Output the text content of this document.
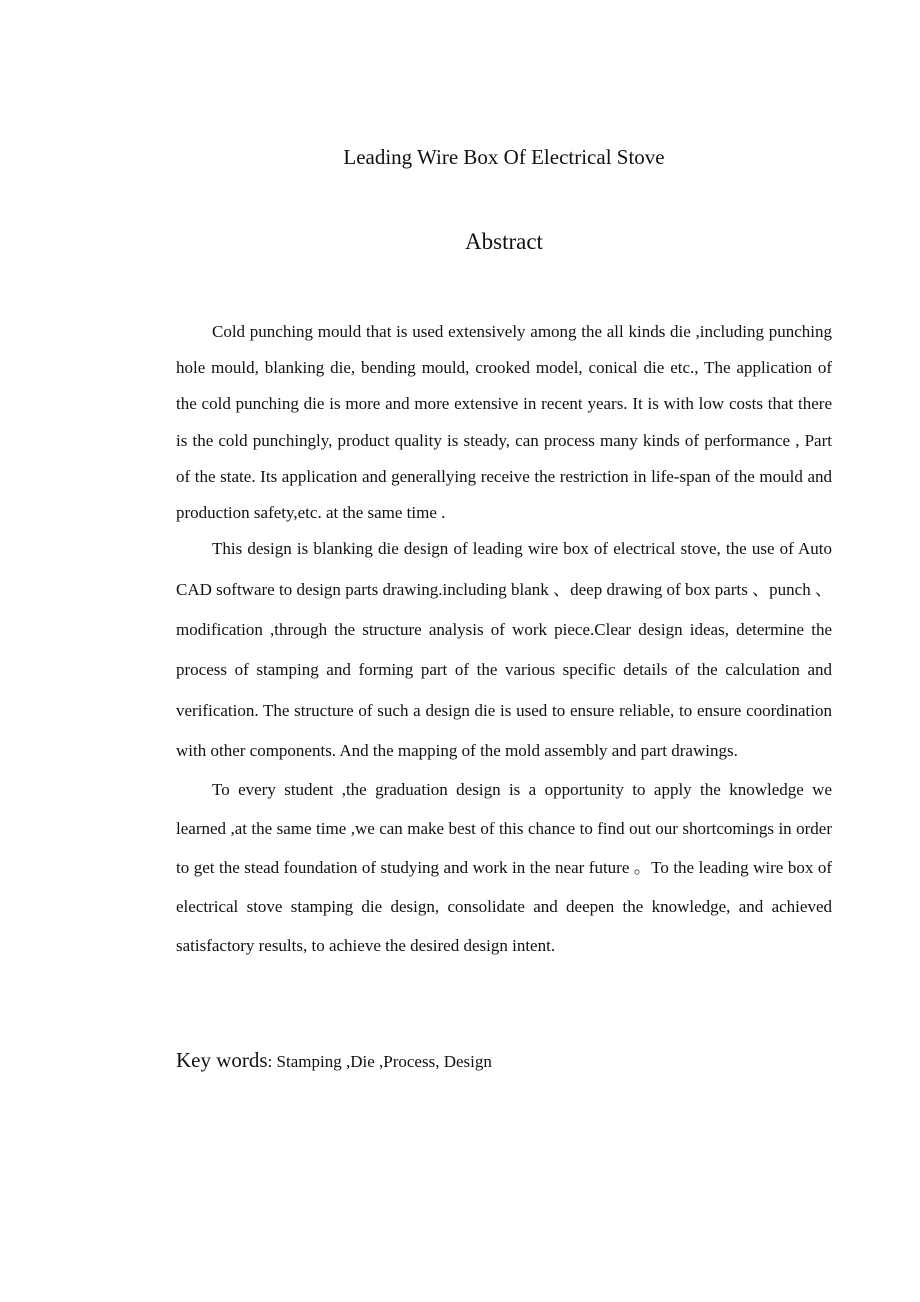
Leading Wire Box Of Electrical Stove
Abstract

Cold punching mould that is used extensively among the all kinds die ,including punching hole mould, blanking die, bending mould, crooked model, conical die etc., The application of the cold punching die is more and more extensive in recent years. It is with low costs that there is the cold punchingly, product quality is steady, can process many kinds of performance , Part of the state. Its application and generallying receive the restriction in life-span of the mould and production safety,etc. at the same time .

This design is blanking die design of leading wire box of electrical stove, the use of Auto CAD software to design parts drawing.including blank 、deep drawing of box parts 、punch 、modification ,through the structure analysis of work piece.Clear design ideas, determine the process of stamping and forming part of the various specific details of the calculation and verification. The structure of such a design die is used to ensure reliable, to ensure coordination with other components. And the mapping of the mold assembly and part drawings.

To every student ,the graduation design is a opportunity to apply the knowledge we learned ,at the same time ,we can make best of this chance to find out our shortcomings in order to get the stead foundation of studying and work in the near future 。To the leading wire box of electrical stove stamping die design, consolidate and deepen the knowledge, and achieved satisfactory results, to achieve the desired design intent.

Key words: Stamping ,Die ,Process, Design
